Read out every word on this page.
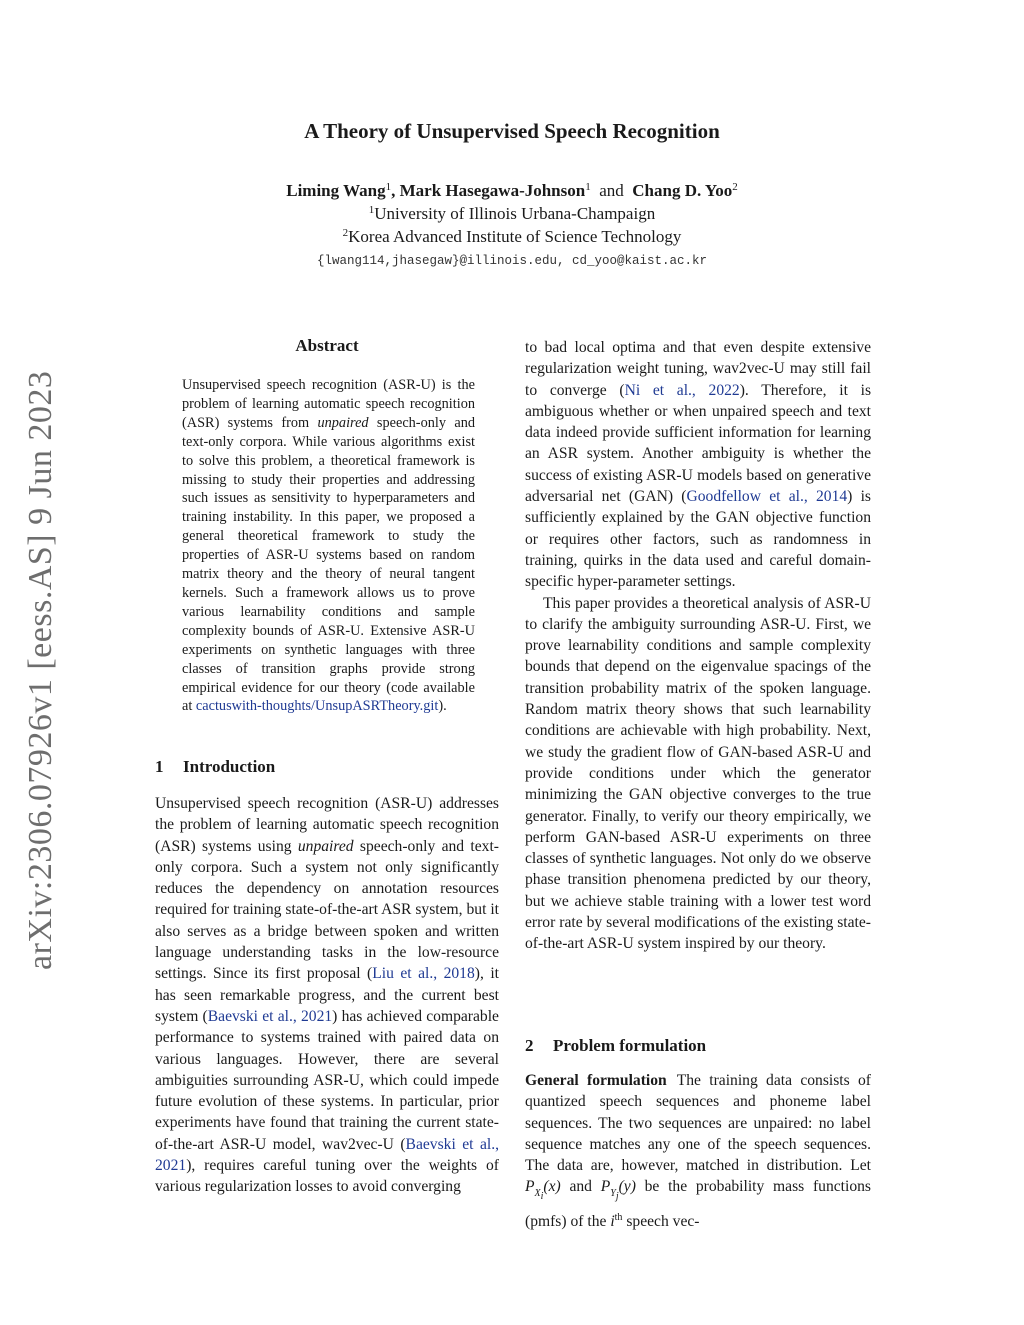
arXiv:2306.07926v1 [eess.AS] 9 Jun 2023
A Theory of Unsupervised Speech Recognition
Liming Wang$^1$, Mark Hasegawa-Johnson$^1$ and Chang D. Yoo$^2$
$^1$University of Illinois Urbana-Champaign
$^2$Korea Advanced Institute of Science Technology
{lwang114,jhasegaw}@illinois.edu, cd_yoo@kaist.ac.kr
Abstract
Unsupervised speech recognition (ASR-U) is the problem of learning automatic speech recognition (ASR) systems from unpaired speech-only and text-only corpora. While various algorithms exist to solve this problem, a theoretical framework is missing to study their properties and addressing such issues as sensitivity to hyperparameters and training instability. In this paper, we proposed a general theoretical framework to study the properties of ASR-U systems based on random matrix theory and the theory of neural tangent kernels. Such a framework allows us to prove various learnability conditions and sample complexity bounds of ASR-U. Extensive ASR-U experiments on synthetic languages with three classes of transition graphs provide strong empirical evidence for our theory (code available at cactuswith-thoughts/UnsupASRTheory.git).
1 Introduction

Unsupervised speech recognition (ASR-U) addresses the problem of learning automatic speech recognition (ASR) systems using unpaired speech-only and text-only corpora. Such a system not only significantly reduces the dependency on annotation resources required for training state-of-the-art ASR system, but it also serves as a bridge between spoken and written language understanding tasks in the low-resource settings. Since its first proposal (Liu et al., 2018), it has seen remarkable progress, and the current best system (Baevski et al., 2021) has achieved comparable performance to systems trained with paired data on various languages. However, there are several ambiguities surrounding ASR-U, which could impede future evolution of these systems. In particular, prior experiments have found that training the current state-of-the-art ASR-U model, wav2vec-U (Baevski et al., 2021), requires careful tuning over the weights of various regularization losses to avoid converging

to bad local optima and that even despite extensive regularization weight tuning, wav2vec-U may still fail to converge (Ni et al., 2022). Therefore, it is ambiguous whether or when unpaired speech and text data indeed provide sufficient information for learning an ASR system. Another ambiguity is whether the success of existing ASR-U models based on generative adversarial net (GAN) (Goodfellow et al., 2014) is sufficiently explained by the GAN objective function or requires other factors, such as randomness in training, quirks in the data used and careful domain-specific hyper-parameter settings.

This paper provides a theoretical analysis of ASR-U to clarify the ambiguity surrounding ASR-U. First, we prove learnability conditions and sample complexity bounds that depend on the eigenvalue spacings of the transition probability matrix of the spoken language. Random matrix theory shows that such learnability conditions are achievable with high probability. Next, we study the gradient flow of GAN-based ASR-U and provide conditions under which the generator minimizing the GAN objective converges to the true generator. Finally, to verify our theory empirically, we perform GAN-based ASR-U experiments on three classes of synthetic languages. Not only do we observe phase transition phenomena predicted by our theory, but we achieve stable training with a lower test word error rate by several modifications of the existing state-of-the-art ASR-U system inspired by our theory.

2 Problem formulation

General formulation The training data consists of quantized speech sequences and phoneme label sequences. The two sequences are unpaired: no label sequence matches any one of the speech sequences. The data are, however, matched in distribution. Let $P_{X_i}(x)$ and $P_{Y_j}(y)$ be the probability mass functions (pmfs) of the $i^{th}$ speech vec-
